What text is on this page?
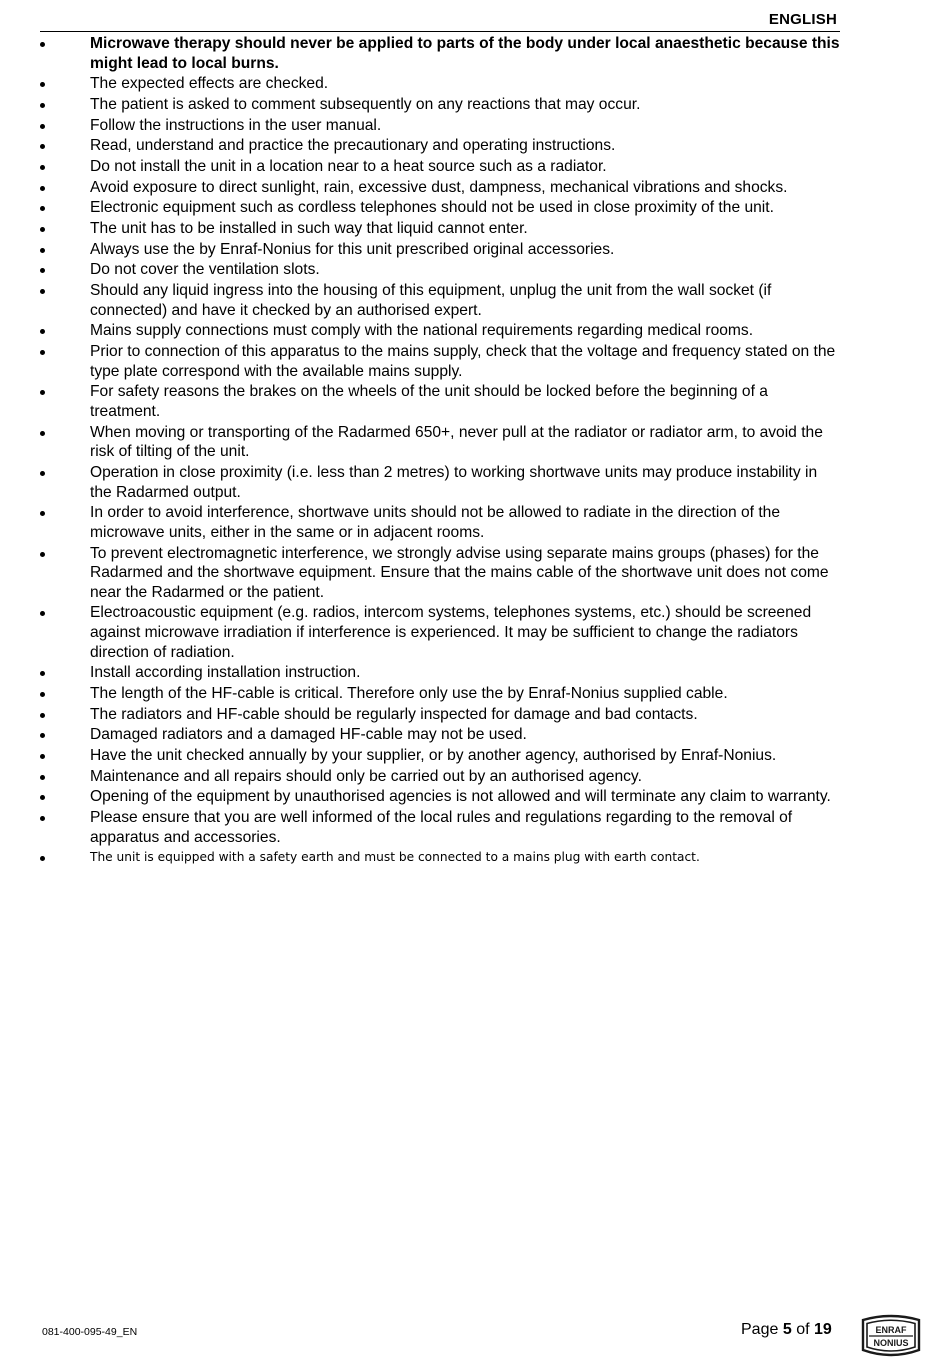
ENGLISH
Microwave therapy should never be applied to parts of the body under local anaesthetic because this might lead to local burns.
The expected effects are checked.
The patient is asked to comment subsequently on any reactions that may occur.
Follow the instructions in the user manual.
Read, understand and practice the precautionary and operating instructions.
Do not install the unit in a location near to a heat source such as a radiator.
Avoid exposure to direct sunlight, rain, excessive dust, dampness, mechanical vibrations and shocks.
Electronic equipment such as cordless telephones should not be used in close proximity of the unit.
The unit has to be installed in such way that liquid cannot enter.
Always use the by Enraf-Nonius for this unit prescribed original accessories.
Do not cover the ventilation slots.
Should any liquid ingress into the housing of this equipment, unplug the unit from the wall socket (if connected) and have it checked by an authorised expert.
Mains supply connections must comply with the national requirements regarding medical rooms.
Prior to connection of this apparatus to the mains supply, check that the voltage and frequency stated on the type plate correspond with the available mains supply.
For safety reasons the brakes on the wheels of the unit should be locked before the beginning of a treatment.
When moving or transporting of the Radarmed 650+, never pull at the radiator or radiator arm, to avoid the risk of tilting of the unit.
Operation in close proximity (i.e. less than 2 metres) to working shortwave units may produce instability in the Radarmed output.
In order to avoid interference, shortwave units should not be allowed to radiate in the direction of the microwave units, either in the same or in adjacent rooms.
To prevent electromagnetic interference, we strongly advise using separate mains groups (phases) for the Radarmed and the shortwave equipment. Ensure that the mains cable of the shortwave unit does not come near the Radarmed or the patient.
Electroacoustic equipment (e.g. radios, intercom systems, telephones systems, etc.) should be screened against microwave irradiation if interference is experienced. It may be sufficient to change the radiators direction of radiation.
Install according installation instruction.
The length of the HF-cable is critical. Therefore only use the by Enraf-Nonius supplied cable.
The radiators and HF-cable should be regularly inspected for damage and bad contacts.
Damaged radiators and a damaged HF-cable may not be used.
Have the unit checked annually by your supplier, or by another agency, authorised by Enraf-Nonius.
Maintenance and all repairs should only be carried out by an authorised agency.
Opening of the equipment by unauthorised agencies is not allowed and will terminate any claim to warranty.
Please ensure that you are well informed of the local rules and regulations regarding to the removal of apparatus and accessories.
The unit is equipped with a safety earth and must be connected to a mains plug with earth contact.
081-400-095-49_EN	Page 5 of 19	ENRAF
NONIUS
